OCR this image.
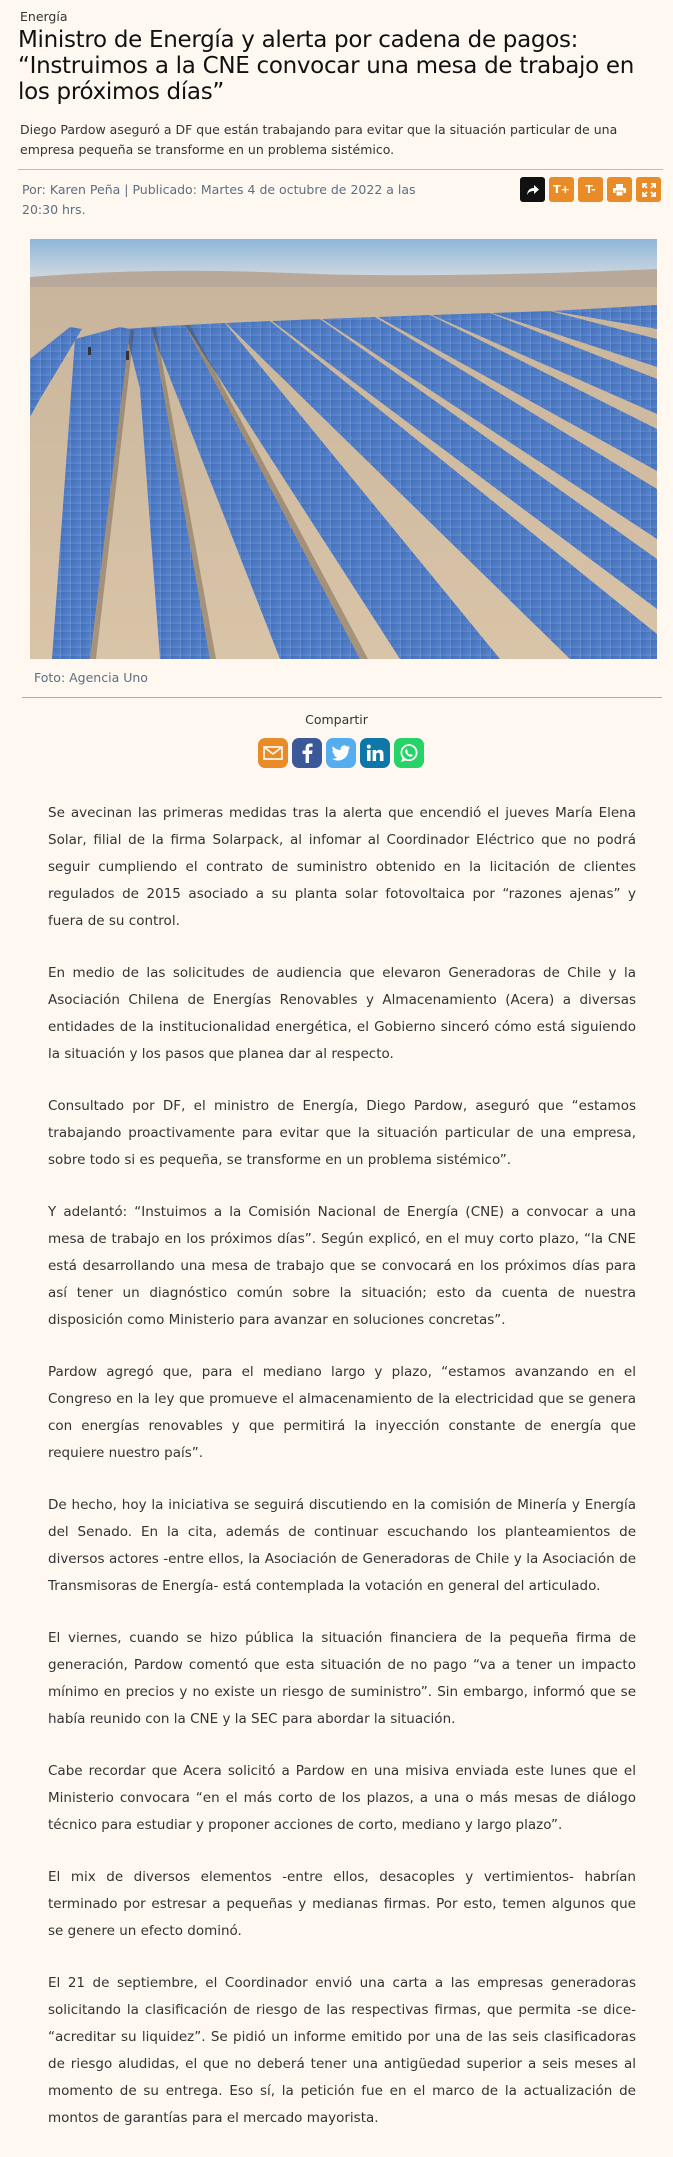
Energía
Ministro de Energía y alerta por cadena de pagos: “Instruimos a la CNE convocar una mesa de trabajo en los próximos días”
Diego Pardow aseguró a DF que están trabajando para evitar que la situación particular de una empresa pequeña se transforme en un problema sistémico.
Por: Karen Peña | Publicado: Martes 4 de octubre de 2022 a las 20:30 hrs.
T+	T-
Foto: Agencia Uno
Compartir

Se avecinan las primeras medidas tras la alerta que encendió el jueves María Elena Solar, filial de la firma Solarpack, al infomar al Coordinador Eléctrico que no podrá seguir cumpliendo el contrato de suministro obtenido en la licitación de clientes regulados de 2015 asociado a su planta solar fotovoltaica por “razones ajenas” y fuera de su control.

En medio de las solicitudes de audiencia que elevaron Generadoras de Chile y la Asociación Chilena de Energías Renovables y Almacenamiento (Acera) a diversas entidades de la institucionalidad energética, el Gobierno sinceró cómo está siguiendo la situación y los pasos que planea dar al respecto.

Consultado por DF, el ministro de Energía, Diego Pardow, aseguró que “estamos trabajando proactivamente para evitar que la situación particular de una empresa, sobre todo si es pequeña, se transforme en un problema sistémico”.

Y adelantó: “Instuimos a la Comisión Nacional de Energía (CNE) a convocar a una mesa de trabajo en los próximos días”. Según explicó, en el muy corto plazo, “la CNE está desarrollando una mesa de trabajo que se convocará en los próximos días para así tener un diagnóstico común sobre la situación; esto da cuenta de nuestra disposición como Ministerio para avanzar en soluciones concretas”.

Pardow agregó que, para el mediano largo y plazo, “estamos avanzando en el Congreso en la ley que promueve el almacenamiento de la electricidad que se genera con energías renovables y que permitirá la inyección constante de energía que requiere nuestro país”.

De hecho, hoy la iniciativa se seguirá discutiendo en la comisión de Minería y Energía del Senado. En la cita, además de continuar escuchando los planteamientos de diversos actores -entre ellos, la Asociación de Generadoras de Chile y la Asociación de Transmisoras de Energía- está contemplada la votación en general del articulado.

El viernes, cuando se hizo pública la situación financiera de la pequeña firma de generación, Pardow comentó que esta situación de no pago “va a tener un impacto mínimo en precios y no existe un riesgo de suministro”. Sin embargo, informó que se había reunido con la CNE y la SEC para abordar la situación.

Cabe recordar que Acera solicitó a Pardow en una misiva enviada este lunes que el Ministerio convocara “en el más corto de los plazos, a una o más mesas de diálogo técnico para estudiar y proponer acciones de corto, mediano y largo plazo”.

El mix de diversos elementos -entre ellos, desacoples y vertimientos- habrían terminado por estresar a pequeñas y medianas firmas. Por esto, temen algunos que se genere un efecto dominó.

El 21 de septiembre, el Coordinador envió una carta a las empresas generadoras solicitando la clasificación de riesgo de las respectivas firmas, que permita -se dice- “acreditar su liquidez”. Se pidió un informe emitido por una de las seis clasificadoras de riesgo aludidas, el que no deberá tener una antigüedad superior a seis meses al momento de su entrega. Eso sí, la petición fue en el marco de la actualización de montos de garantías para el mercado mayorista.
